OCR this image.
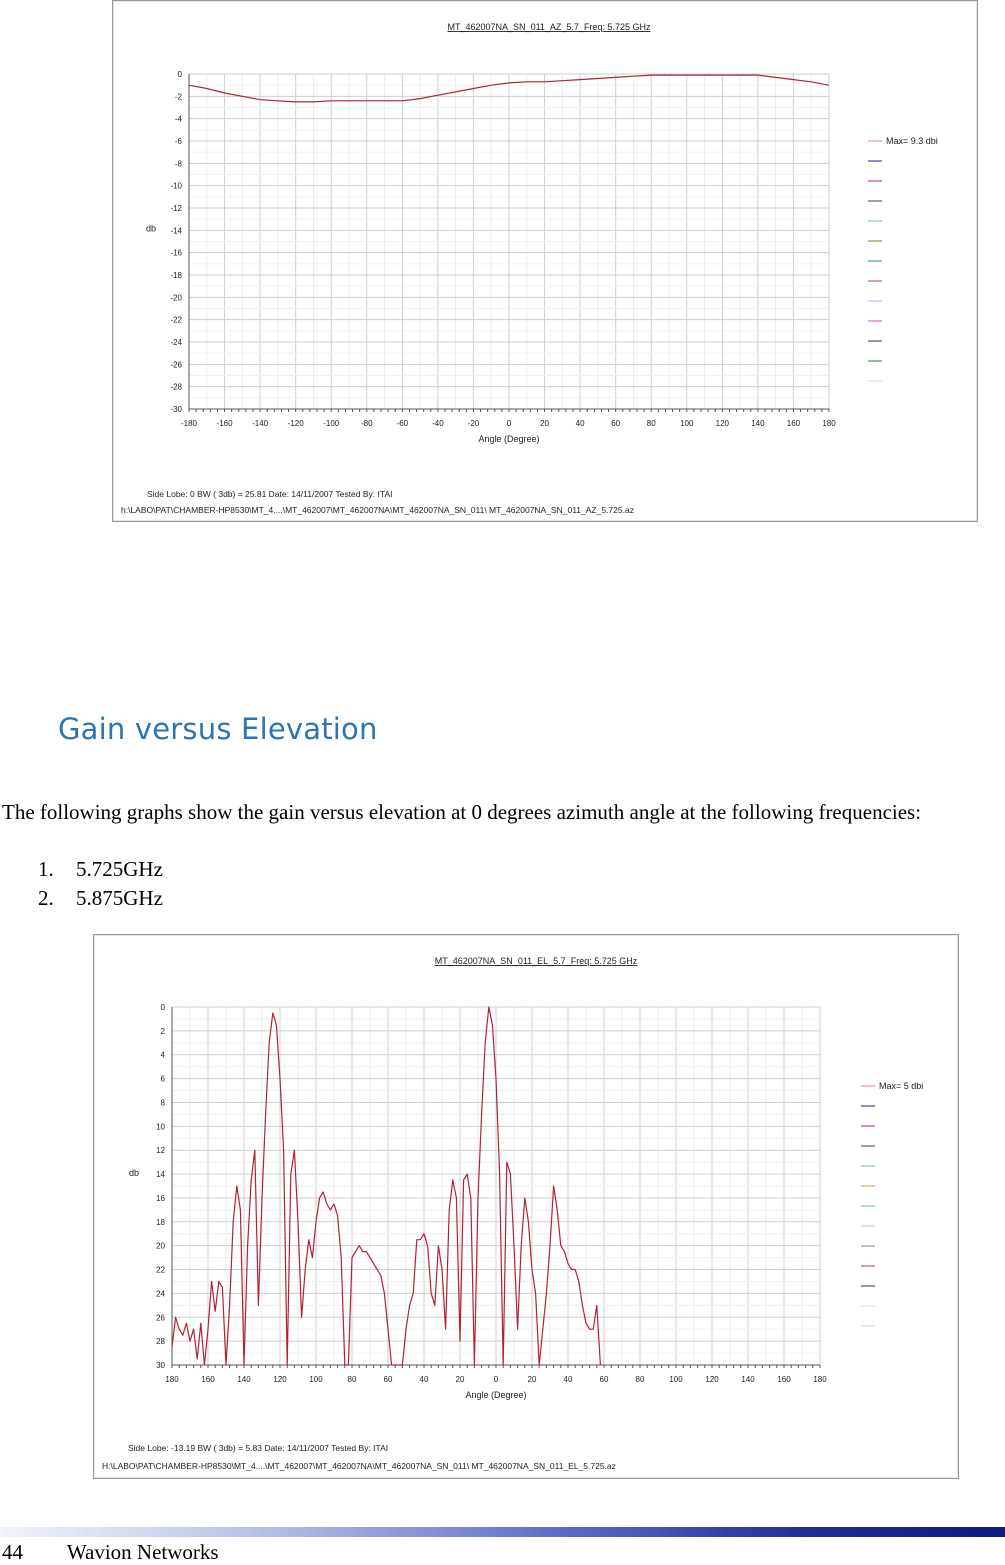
MT_462007NA_SN_011_AZ_5.7_Freq: 5.725 GHz
0
-2
-4
-6
-8
-10
-12
-14
-16
-18
-20
-22
-24
-26
-28
-30
-180 -160 -140 -120 -100	-80	-60	-40	-20	0	20	40	60	80	100	120	140	160	180
Angle (Degree)
db
Max= 9.3 dbi
Side Lobe: 0 BW ( 3db) = 25.81 Date: 14/11/2007 Tested By: ITAI
h:\LABO\PAT\CHAMBER-HP8530\MT_4....\MT_462007\MT_462007NA\MT_462007NA_SN_011\ MT_462007NA_SN_011_AZ_5.725.az
Gain versus Elevation
The following graphs show the gain versus elevation at 0 degrees azimuth angle at the following frequencies:
1.	5.725GHz
2.	5.875GHz
MT_462007NA_SN_011_EL_5.7_Freq: 5.725 GHz
0
2
4
6
8
10
12
14
16
18
20
22
24
26
28
30
180	160	140	120	100	80	60	40	20	0	20	40	60	80	100	120	140	160	180
Angle (Degree)
db
Max= 5 dbi
Side Lobe: -13.19 BW ( 3db) = 5.83 Date: 14/11/2007 Tested By: ITAI
H:\LABO\PAT\CHAMBER-HP8530\MT_4....\MT_462007\MT_462007NA\MT_462007NA_SN_011\ MT_462007NA_SN_011_EL_5.725.az
44 Wavion Networks
